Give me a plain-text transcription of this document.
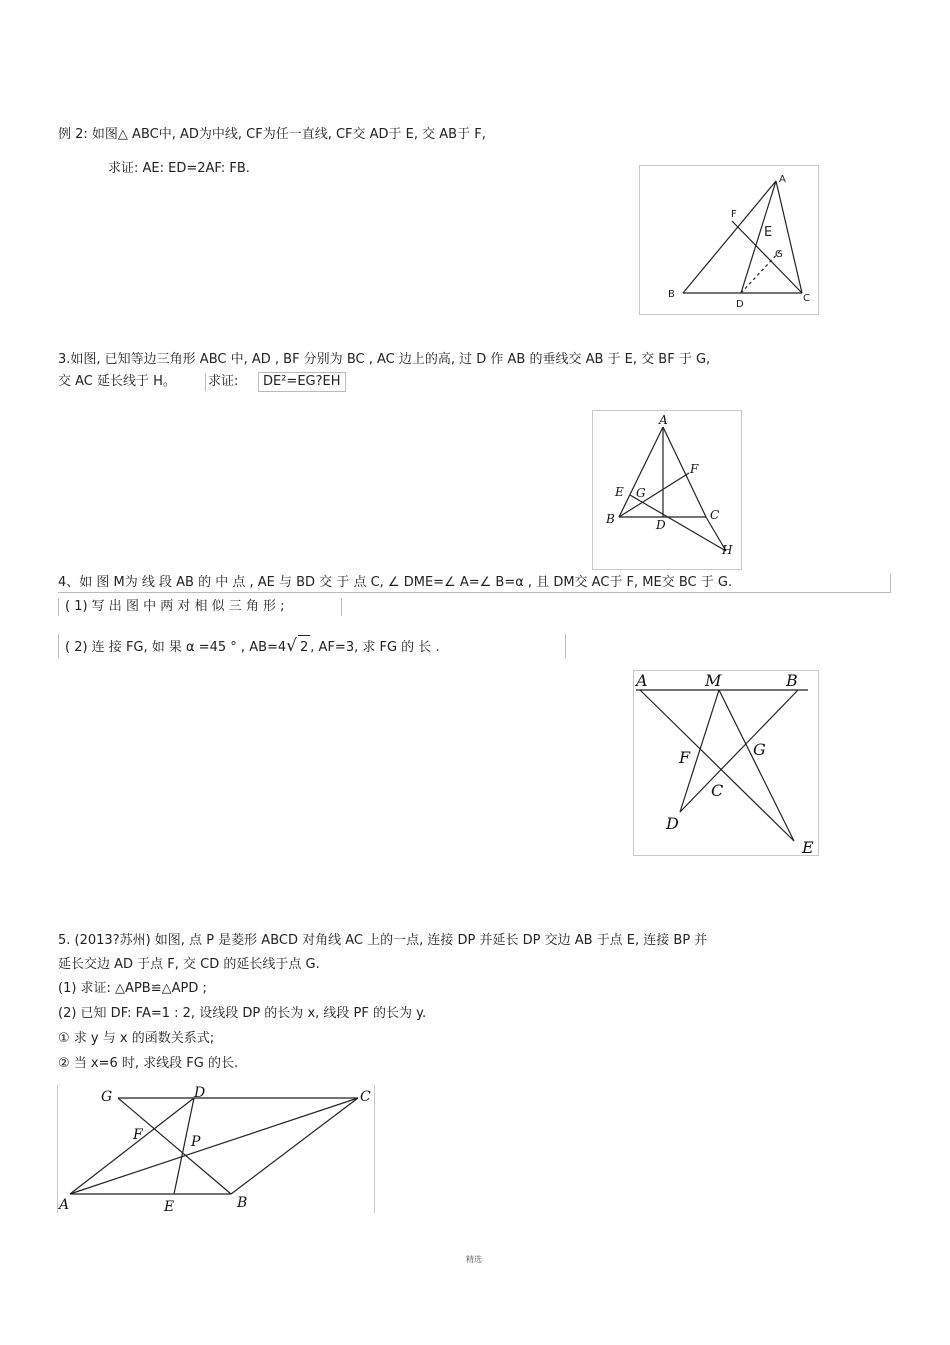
例 2: 如图△ ABC中, AD为中线, CF为任一直线, CF交 AD于 E, 交 AB于 F,
求证: AE: ED=2AF: FB.
A
F
E
G
B
D
C
3.如图, 已知等边三角形 ABC 中, AD , BF 分别为 BC , AC 边上的高, 过 D 作 AB 的垂线交 AB 于 E, 交 BF 于 G,
交 AC 延长线于 H。 求证:	DE²=EG?EH
A
F
E G
B	D
C
H
4、如 图 M为 线 段 AB 的 中 点 , AE 与 BD 交 于 点 C, ∠ DME=∠ A=∠ B=α , 且 DM交 AC于 F, ME交 BC 于 G.
( 1) 写 出 图 中 两 对 相 似 三 角 形 ;
( 2) 连 接 FG, 如 果 α =45 ° , AB=4√ 2 , AF=3, 求 FG 的 长 .
A	M	B
F	G
C
D
E
5. (2013?苏州) 如图, 点 P 是菱形 ABCD 对角线 AC 上的一点, 连接 DP 并延长 DP 交边 AB 于点 E, 连接 BP 并
延长交边 AD 于点 F, 交 CD 的延长线于点 G.
(1) 求证: △APB≌△APD ;
(2) 已知 DF: FA=1 : 2, 设线段 DP 的长为 x, 线段 PF 的长为 y.
① 求 y 与 x 的函数关系式;
② 当 x=6 时, 求线段 FG 的长.
G	D	C
F	P
A	E	B
精选
